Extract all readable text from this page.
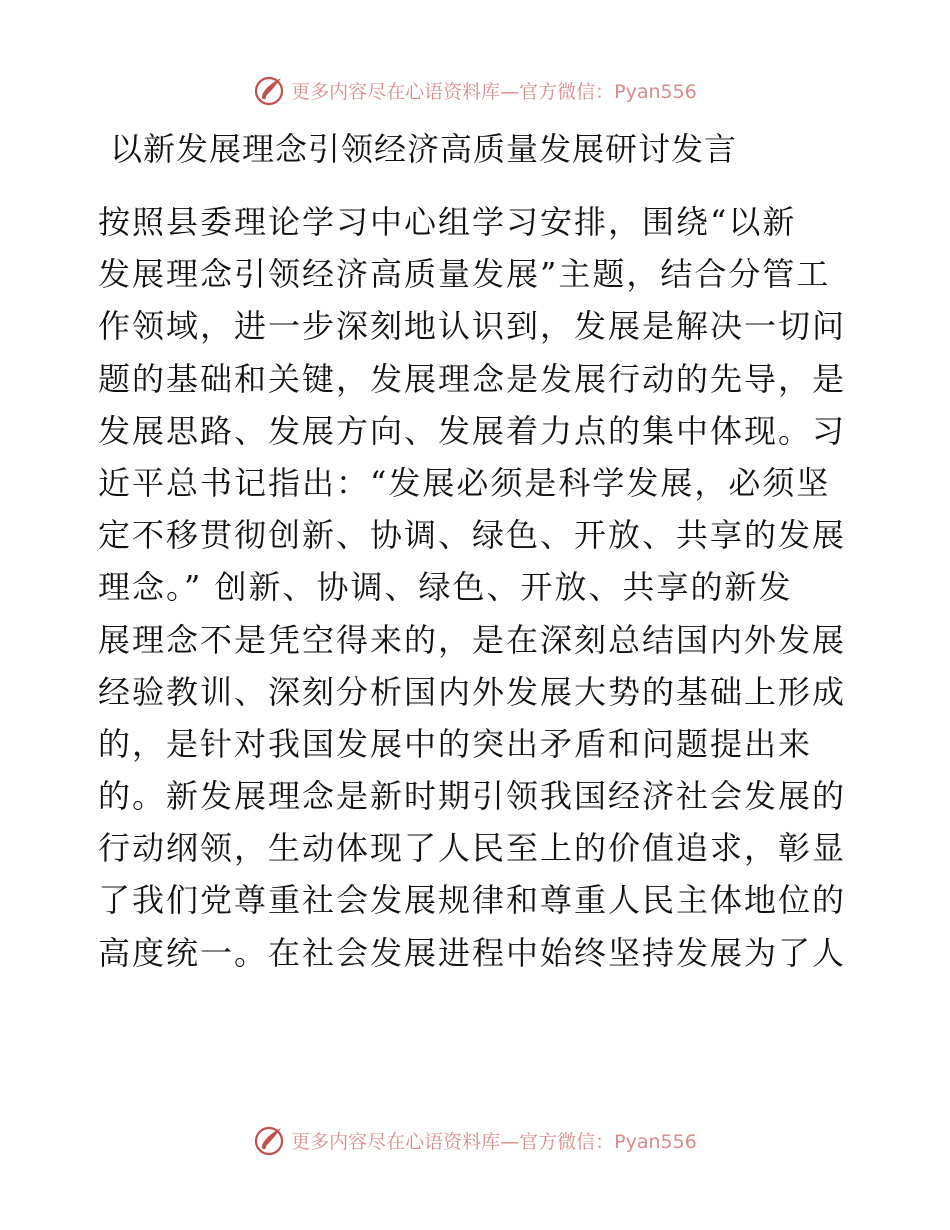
更多内容尽在心语资料库—官方微信：Pyan556
以新发展理念引领经济高质量发展研讨发言
按照县委理论学习中心组学习安排，围绕“以新
发展理念引领经济高质量发展”主题，结合分管工
作领域，进一步深刻地认识到，发展是解决一切问
题的基础和关键，发展理念是发展行动的先导，是
发展思路、发展方向、发展着力点的集中体现。习
近平总书记指出：“发展必须是科学发展，必须坚
定不移贯彻创新、协调、绿色、开放、共享的发展
理念。” 创新、协调、绿色、开放、共享的新发
展理念不是凭空得来的，是在深刻总结国内外发展
经验教训、深刻分析国内外发展大势的基础上形成
的，是针对我国发展中的突出矛盾和问题提出来
的。新发展理念是新时期引领我国经济社会发展的
行动纲领，生动体现了人民至上的价值追求，彰显
了我们党尊重社会发展规律和尊重人民主体地位的
高度统一。在社会发展进程中始终坚持发展为了人
更多内容尽在心语资料库—官方微信：Pyan556
